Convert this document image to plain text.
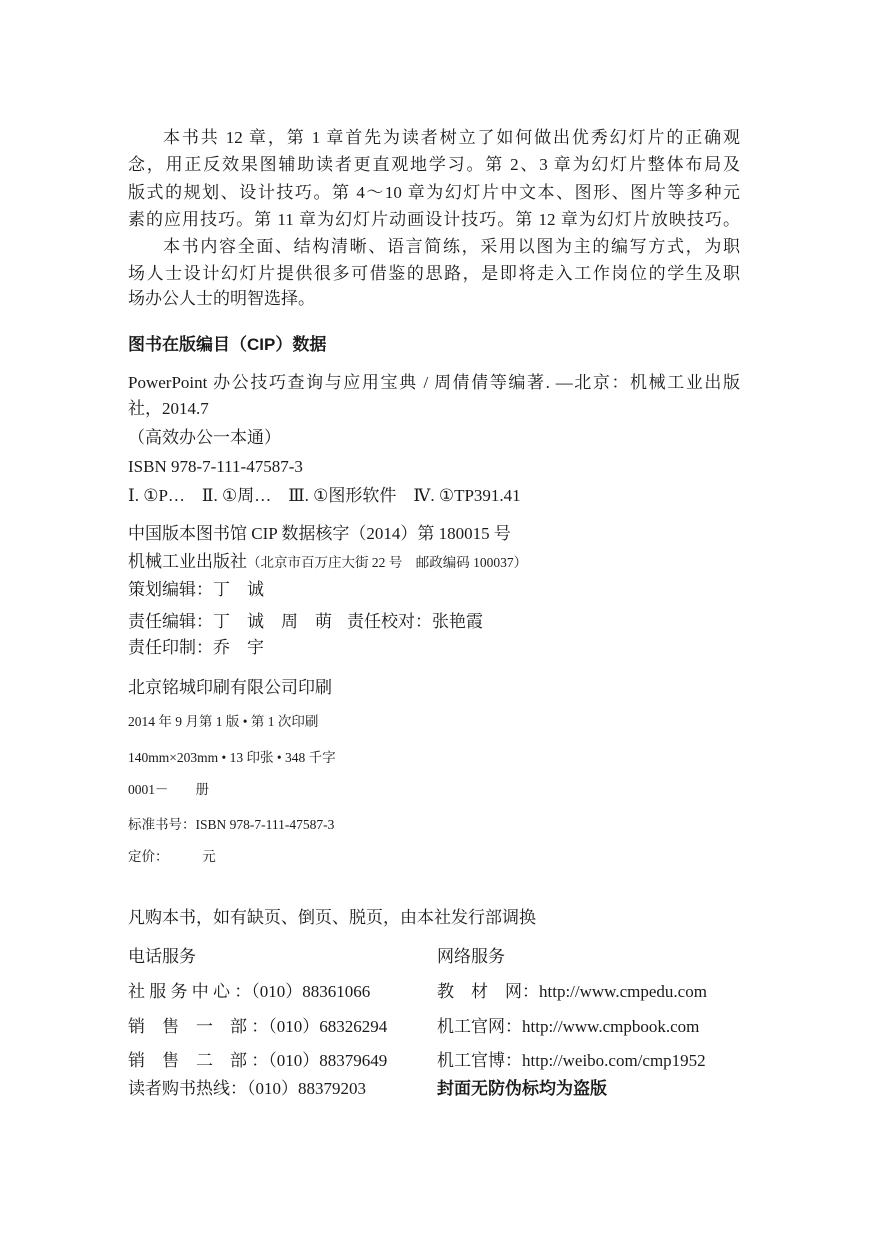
本书共 12 章，第 1 章首先为读者树立了如何做出优秀幻灯片的正确观
念，用正反效果图辅助读者更直观地学习。第 2、3 章为幻灯片整体布局及
版式的规划、设计技巧。第 4～10 章为幻灯片中文本、图形、图片等多种元
素的应用技巧。第 11 章为幻灯片动画设计技巧。第 12 章为幻灯片放映技巧。
本书内容全面、结构清晰、语言简练，采用以图为主的编写方式，为职
场人士设计幻灯片提供很多可借鉴的思路，是即将走入工作岗位的学生及职
场办公人士的明智选择。
图书在版编目（CIP）数据
PowerPoint 办公技巧查询与应用宝典 / 周倩倩等编著. —北京：机械工业出版
社，2014.7
（高效办公一本通）
ISBN 978-7-111-47587-3
Ⅰ. ①P…　Ⅱ. ①周…　Ⅲ. ①图形软件　Ⅳ. ①TP391.41
中国版本图书馆 CIP 数据核字（2014）第 180015 号
机械工业出版社（北京市百万庄大街 22 号　邮政编码 100037）
策划编辑：丁　诚
责任编辑：丁　诚　周　萌 责任校对：张艳霞
责任印制：乔　宇
北京铭城印刷有限公司印刷
2014 年 9 月第 1 版 • 第 1 次印刷
140mm×203mm • 13 印张 • 348 千字
0001－　　册
标准书号：ISBN 978-7-111-47587-3
定价：　　　元
凡购本书，如有缺页、倒页、脱页，由本社发行部调换
电话服务	网络服务
社 服 务 中 心 ：（010）88361066	教　材　网：http://www.cmpedu.com
销　售　一　部 ：（010）68326294	机工官网：http://www.cmpbook.com
销　售　二　部 ：（010）88379649	机工官博：http://weibo.com/cmp1952
读者购书热线：（010）88379203	封面无防伪标均为盗版
